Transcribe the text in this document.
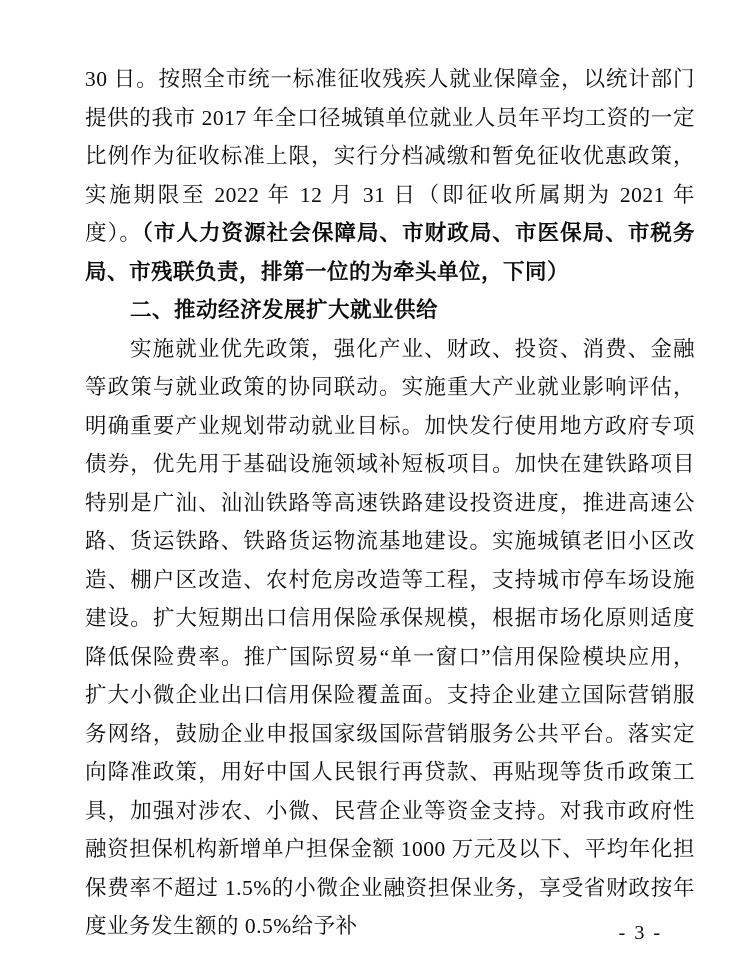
30 日。按照全市统一标准征收残疾人就业保障金，以统计部门提供的我市 2017 年全口径城镇单位就业人员年平均工资的一定比例作为征收标准上限，实行分档减缴和暂免征收优惠政策，实施期限至 2022 年 12 月 31 日（即征收所属期为 2021 年度）。（市人力资源社会保障局、市财政局、市医保局、市税务局、市残联负责，排第一位的为牵头单位，下同）

二、推动经济发展扩大就业供给

实施就业优先政策，强化产业、财政、投资、消费、金融等政策与就业政策的协同联动。实施重大产业就业影响评估，明确重要产业规划带动就业目标。加快发行使用地方政府专项债券，优先用于基础设施领域补短板项目。加快在建铁路项目特别是广汕、汕汕铁路等高速铁路建设投资进度，推进高速公路、货运铁路、铁路货运物流基地建设。实施城镇老旧小区改造、棚户区改造、农村危房改造等工程，支持城市停车场设施建设。扩大短期出口信用保险承保规模，根据市场化原则适度降低保险费率。推广国际贸易“单一窗口”信用保险模块应用，扩大小微企业出口信用保险覆盖面。支持企业建立国际营销服务网络，鼓励企业申报国家级国际营销服务公共平台。落实定向降准政策，用好中国人民银行再贷款、再贴现等货币政策工具，加强对涉农、小微、民营企业等资金支持。对我市政府性融资担保机构新增单户担保金额 1000 万元及以下、平均年化担保费率不超过 1.5%的小微企业融资担保业务，享受省财政按年度业务发生额的 0.5%给予补	- 3 -
